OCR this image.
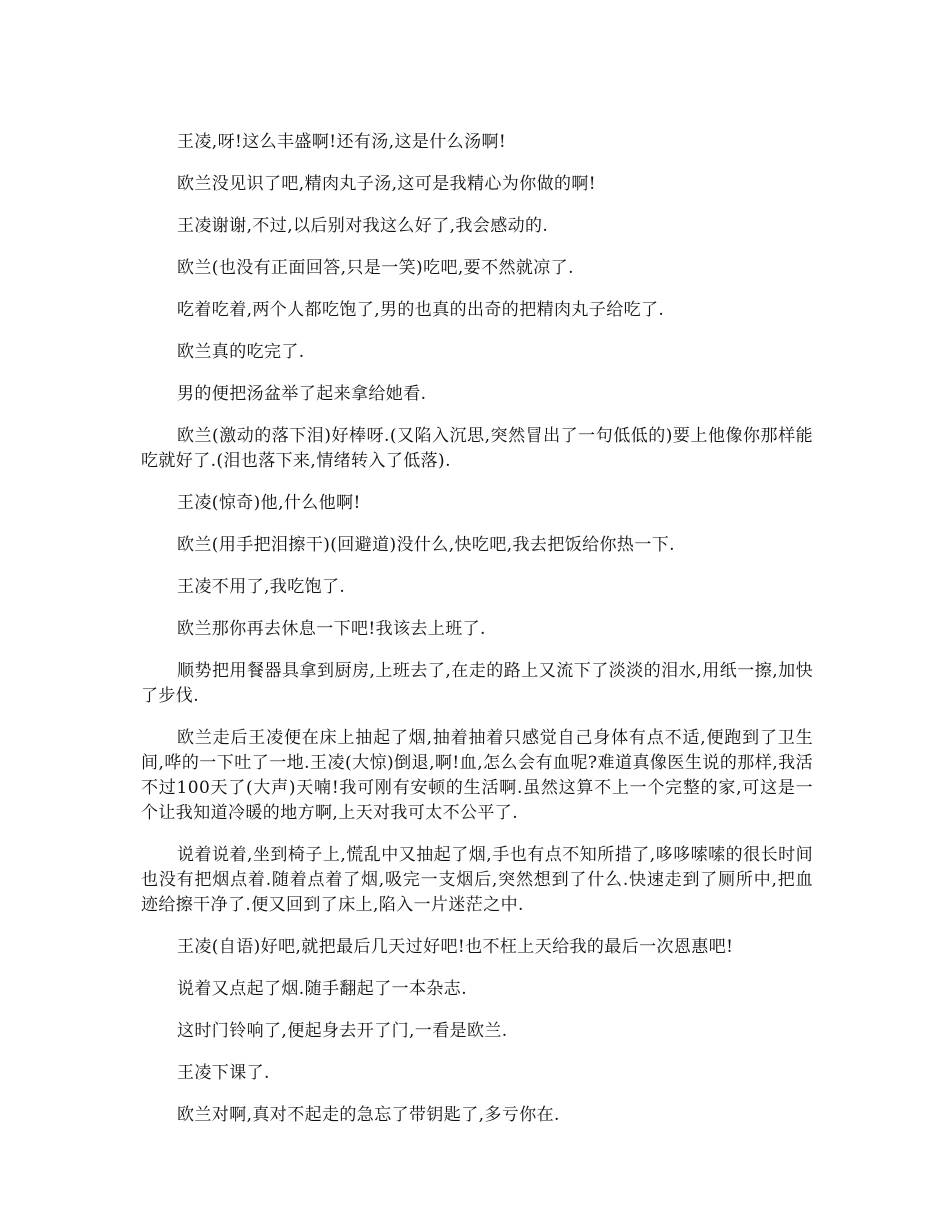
王凌,呀!这么丰盛啊!还有汤,这是什么汤啊!

欧兰没见识了吧,精肉丸子汤,这可是我精心为你做的啊!

王凌谢谢,不过,以后别对我这么好了,我会感动的.

欧兰(也没有正面回答,只是一笑)吃吧,要不然就凉了.

吃着吃着,两个人都吃饱了,男的也真的出奇的把精肉丸子给吃了.

欧兰真的吃完了.

男的便把汤盆举了起来拿给她看.

欧兰(激动的落下泪)好棒呀.(又陷入沉思,突然冒出了一句低低的)要上他像你那样能吃就好了.(泪也落下来,情绪转入了低落).

王凌(惊奇)他,什么他啊!

欧兰(用手把泪擦干)(回避道)没什么,快吃吧,我去把饭给你热一下.

王凌不用了,我吃饱了.

欧兰那你再去休息一下吧!我该去上班了.

顺势把用餐器具拿到厨房,上班去了,在走的路上又流下了淡淡的泪水,用纸一擦,加快了步伐.

欧兰走后王凌便在床上抽起了烟,抽着抽着只感觉自己身体有点不适,便跑到了卫生间,哗的一下吐了一地.王凌(大惊)倒退,啊!血,怎么会有血呢?难道真像医生说的那样,我活不过100天了(大声)天喃!我可刚有安顿的生活啊.虽然这算不上一个完整的家,可这是一个让我知道冷暖的地方啊,上天对我可太不公平了.

说着说着,坐到椅子上,慌乱中又抽起了烟,手也有点不知所措了,哆哆嗦嗦的很长时间也没有把烟点着.随着点着了烟,吸完一支烟后,突然想到了什么.快速走到了厕所中,把血迹给擦干净了.便又回到了床上,陷入一片迷茫之中.

王凌(自语)好吧,就把最后几天过好吧!也不枉上天给我的最后一次恩惠吧!

说着又点起了烟.随手翻起了一本杂志.

这时门铃响了,便起身去开了门,一看是欧兰.

王凌下课了.

欧兰对啊,真对不起走的急忘了带钥匙了,多亏你在.
